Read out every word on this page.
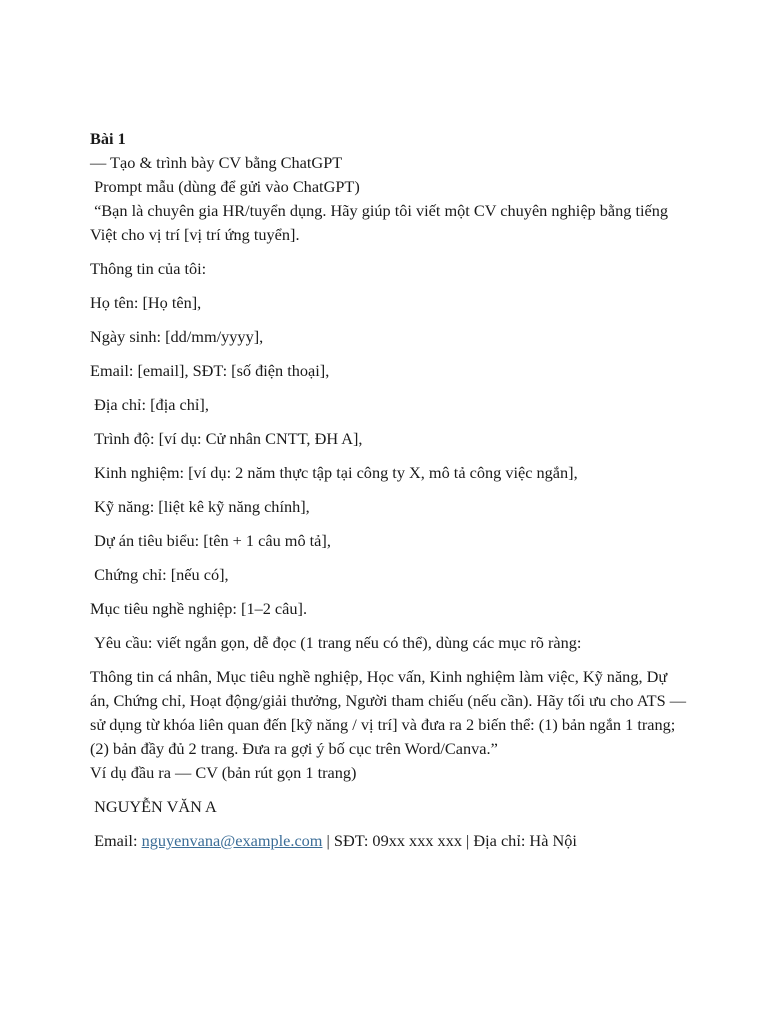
Bài 1

— Tạo & trình bày CV bằng ChatGPT

Prompt mẫu (dùng để gửi vào ChatGPT)

“Bạn là chuyên gia HR/tuyển dụng. Hãy giúp tôi viết một CV chuyên nghiệp bằng tiếng Việt cho vị trí [vị trí ứng tuyển].

Thông tin của tôi:

Họ tên: [Họ tên],

Ngày sinh: [dd/mm/yyyy],

Email: [email], SĐT: [số điện thoại],

Địa chỉ: [địa chỉ],

Trình độ: [ví dụ: Cử nhân CNTT, ĐH A],

Kinh nghiệm: [ví dụ: 2 năm thực tập tại công ty X, mô tả công việc ngắn],

Kỹ năng: [liệt kê kỹ năng chính],

Dự án tiêu biểu: [tên + 1 câu mô tả],

Chứng chỉ: [nếu có],

Mục tiêu nghề nghiệp: [1–2 câu].

Yêu cầu: viết ngắn gọn, dễ đọc (1 trang nếu có thể), dùng các mục rõ ràng:

Thông tin cá nhân, Mục tiêu nghề nghiệp, Học vấn, Kinh nghiệm làm việc, Kỹ năng, Dự án, Chứng chỉ, Hoạt động/giải thưởng, Người tham chiếu (nếu cần). Hãy tối ưu cho ATS — sử dụng từ khóa liên quan đến [kỹ năng / vị trí] và đưa ra 2 biến thể: (1) bản ngắn 1 trang; (2) bản đầy đủ 2 trang. Đưa ra gợi ý bố cục trên Word/Canva.”

Ví dụ đầu ra — CV (bản rút gọn 1 trang)

NGUYỄN VĂN A

Email: nguyenvana@example.com | SĐT: 09xx xxx xxx | Địa chỉ: Hà Nội
